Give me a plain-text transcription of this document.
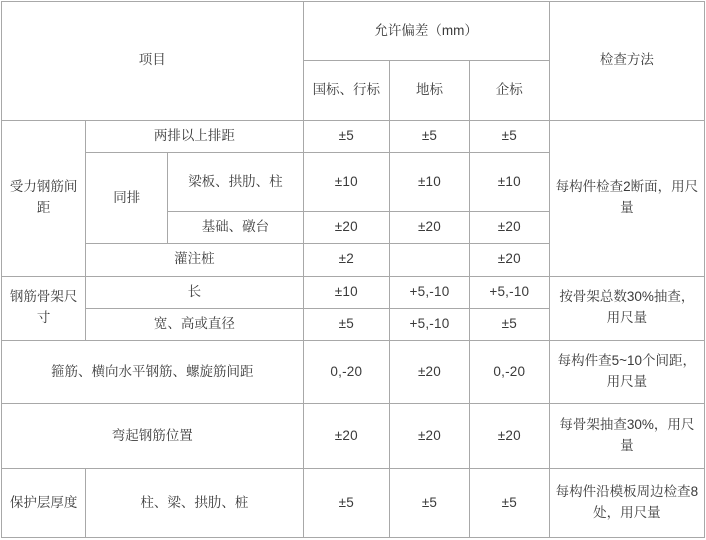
项目			允许偏差（mm）			检查方法
			国标、行标	地标	企标	
受力钢筋间距	两排以上排距		±5	±5	±5	每构件检查2断面，用尺量
	同排	梁板、拱肋、柱	±10	±10	±10	
		基础、礅台	±20	±20	±20	
	灌注桩		±2		±20	
钢筋骨架尺寸	长		±10	+5,-10	+5,-10	按骨架总数30%抽查，用尺量
	宽、高或直径		±5	+5,-10	±5	
箍筋、横向水平钢筋、螺旋筋间距			0,-20	±20	0,-20	每构件查5~10个间距，用尺量
弯起钢筋位置			±20	±20	±20	每骨架抽查30%，用尺量
保护层厚度	柱、梁、拱肋、桩		±5	±5	±5	每构件沿模板周边检查8处，用尺量
